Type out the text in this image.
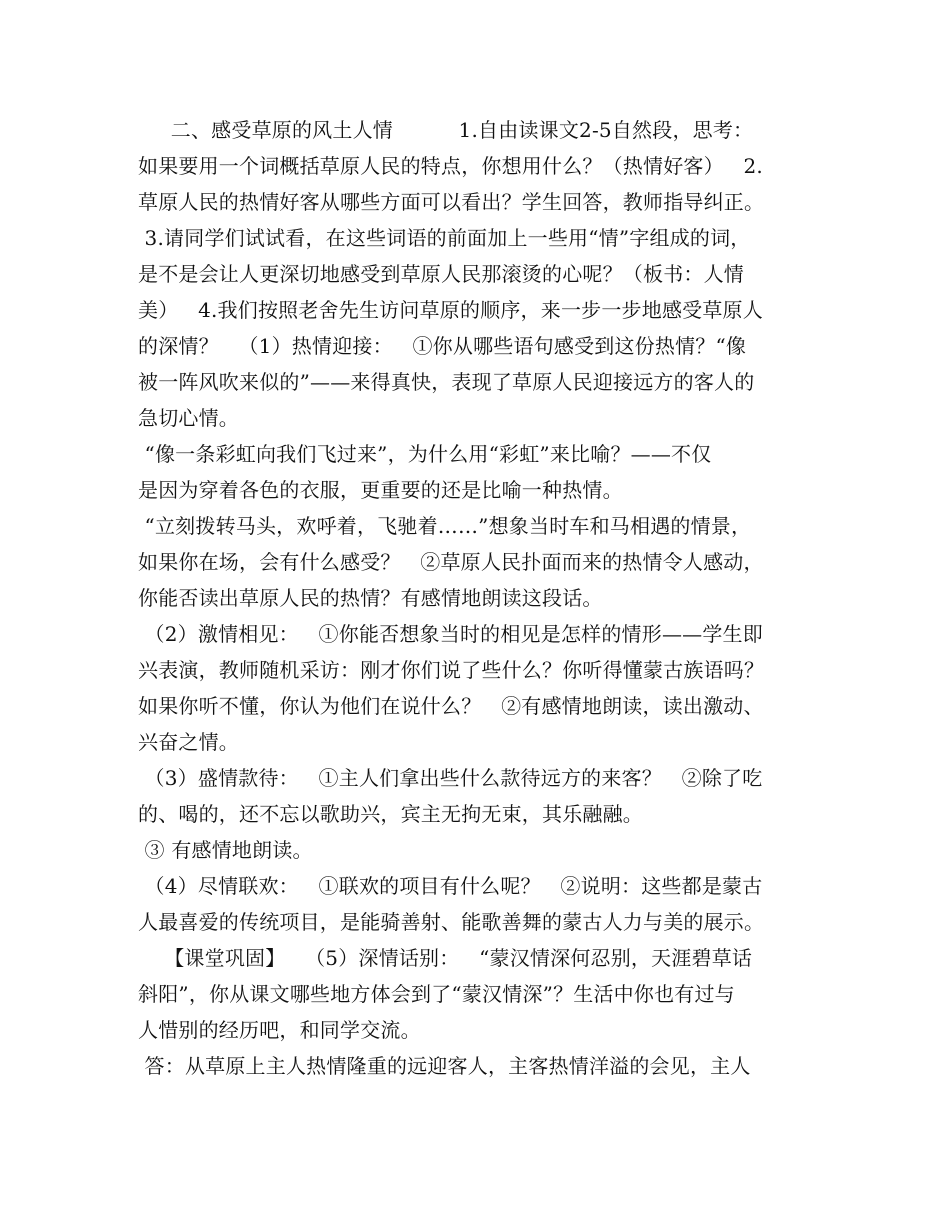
二、感受草原的风土人情          1.自由读课文2-5自然段，思考：
如果要用一个词概括草原人民的特点，你想用什么？（热情好客）   2.
草原人民的热情好客从哪些方面可以看出？学生回答，教师指导纠正。
3.请同学们试试看，在这些词语的前面加上一些用“情”字组成的词，
是不是会让人更深切地感受到草原人民那滚烫的心呢？（板书：人情
美）   4.我们按照老舍先生访问草原的顺序，来一步一步地感受草原人
的深情？   （1）热情迎接：   ①你从哪些语句感受到这份热情？“像
被一阵风吹来似的”——来得真快，表现了草原人民迎接远方的客人的
急切心情。
“像一条彩虹向我们飞过来”，为什么用“彩虹”来比喻？——不仅
是因为穿着各色的衣服，更重要的还是比喻一种热情。
“立刻拨转马头，欢呼着，飞驰着……”想象当时车和马相遇的情景，
如果你在场，会有什么感受？   ②草原人民扑面而来的热情令人感动，
你能否读出草原人民的热情？有感情地朗读这段话。
（2）激情相见：   ①你能否想象当时的相见是怎样的情形——学生即
兴表演，教师随机采访：刚才你们说了些什么？你听得懂蒙古族语吗？
如果你听不懂，你认为他们在说什么？   ②有感情地朗读，读出激动、
兴奋之情。
（3）盛情款待：   ①主人们拿出些什么款待远方的来客？   ②除了吃
的、喝的，还不忘以歌助兴，宾主无拘无束，其乐融融。
③ 有感情地朗读。
（4）尽情联欢：   ①联欢的项目有什么呢？   ②说明：这些都是蒙古
人最喜爱的传统项目，是能骑善射、能歌善舞的蒙古人力与美的展示。
【课堂巩固】   （5）深情话别：   “蒙汉情深何忍别，天涯碧草话
斜阳”，你从课文哪些地方体会到了“蒙汉情深”？生活中你也有过与
人惜别的经历吧，和同学交流。
答：从草原上主人热情隆重的远迎客人，主客热情洋溢的会见，主人
